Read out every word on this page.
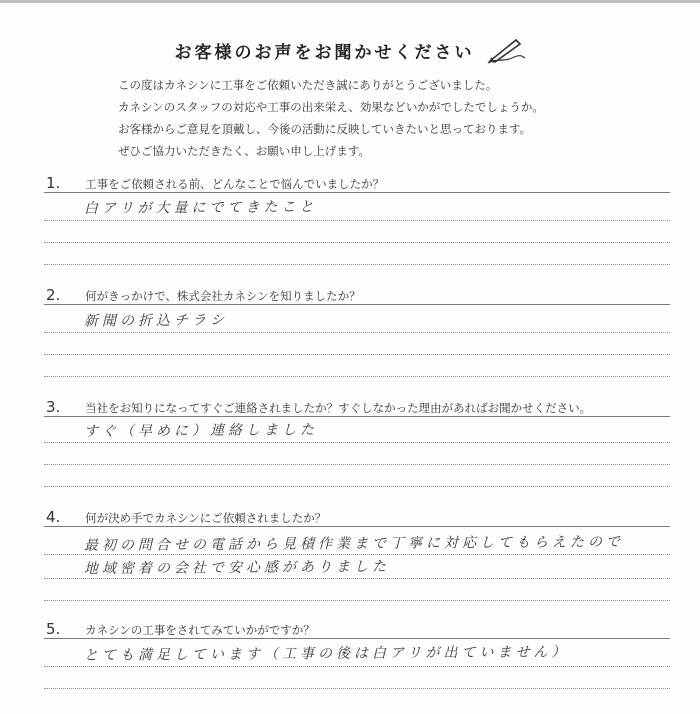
お客様のお声をお聞かせください
この度はカネシンに工事をご依頼いただき誠にありがとうございました。
カネシンのスタッフの対応や工事の出来栄え、効果などいかがでしたでしょうか。
お客様からご意見を頂戴し、今後の活動に反映していきたいと思っております。
ぜひご協力いただきたく、お願い申し上げます。
1. 工事をご依頼される前、どんなことで悩んでいましたか？
白アリが大量にでてきたこと
2. 何がきっかけで、株式会社カネシンを知りましたか？
新聞の折込チラシ
3. 当社をお知りになってすぐご連絡されましたか？すぐしなかった理由があればお聞かせください。
すぐ（早めに）連絡しました
4. 何が決め手でカネシンにご依頼されましたか？
最初の問合せの電話から見積作業まで丁寧に対応してもらえたので
地域密着の会社で安心感がありました
5. カネシンの工事をされてみていかがですか？
とても満足しています（工事の後は白アリが出ていません）
